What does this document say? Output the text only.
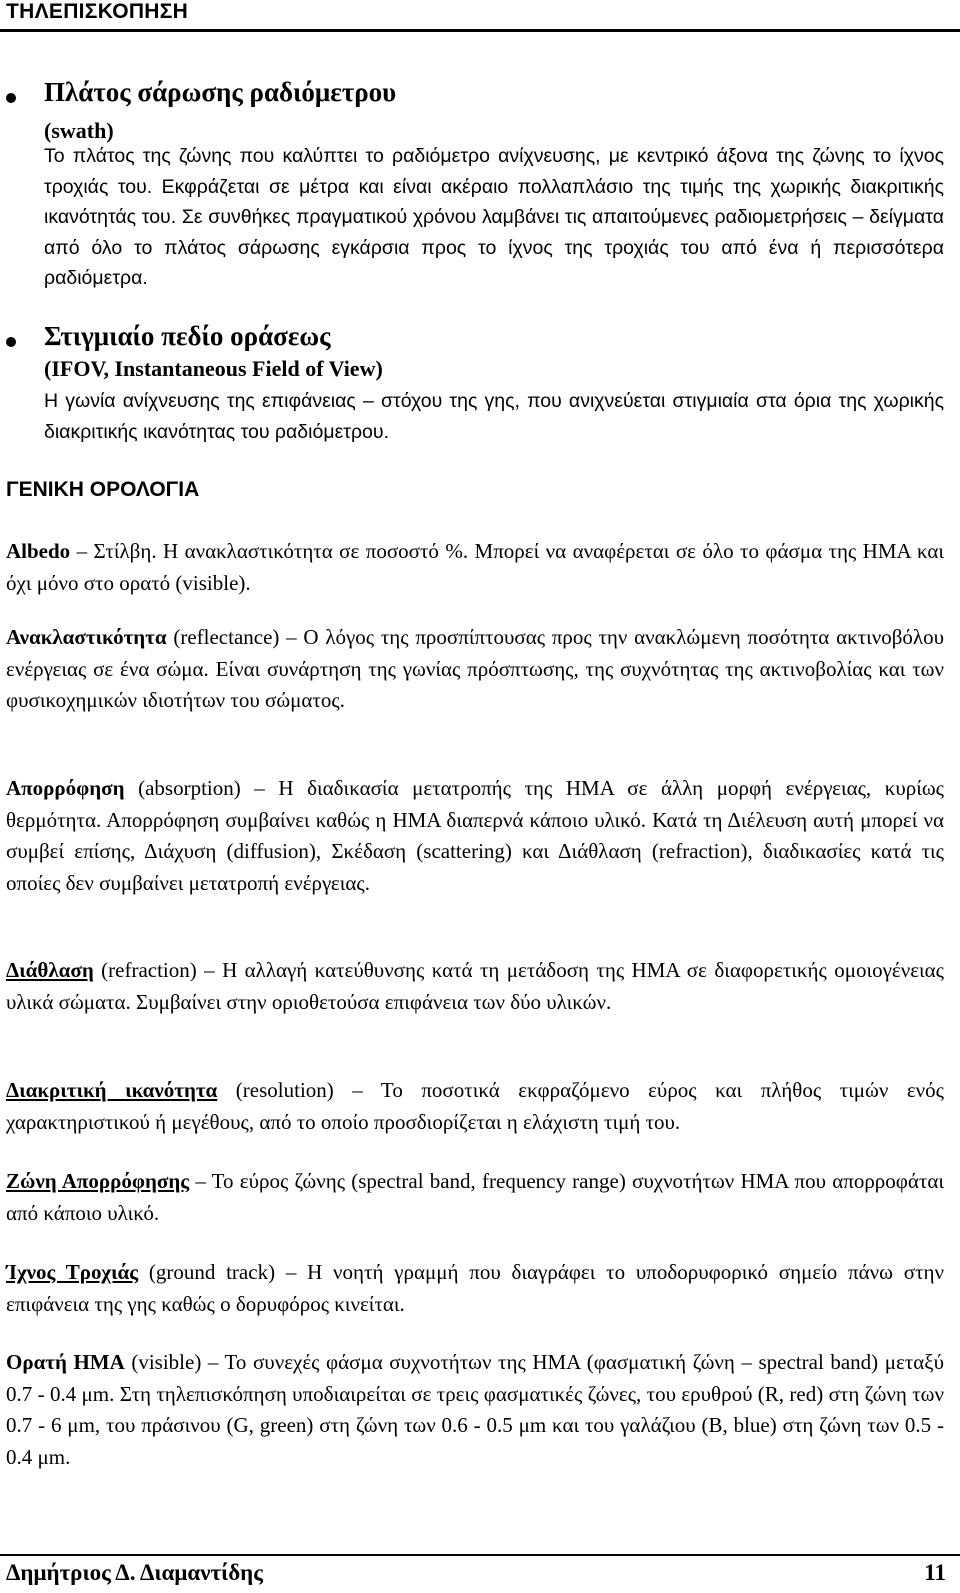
ΤΗΛΕΠΙΣΚΟΠΗΣΗ
Πλάτος σάρωσης ραδιόμετρου
(swath)
Το πλάτος της ζώνης που καλύπτει το ραδιόμετρο ανίχνευσης, με κεντρικό άξονα της ζώνης το ίχνος τροχιάς του. Εκφράζεται σε μέτρα και είναι ακέραιο πολλαπλάσιο της τιμής της χωρικής διακριτικής ικανότητάς του. Σε συνθήκες πραγματικού χρόνου λαμβάνει τις απαιτούμενες ραδιομετρήσεις – δείγματα από όλο το πλάτος σάρωσης εγκάρσια προς το ίχνος της τροχιάς του από ένα ή περισσότερα ραδιόμετρα.
Στιγμιαίο πεδίο οράσεως
(IFOV, Instantaneous Field of View)
Η γωνία ανίχνευσης της επιφάνειας – στόχου της γης, που ανιχνεύεται στιγμιαία στα όρια της χωρικής διακριτικής ικανότητας του ραδιόμετρου.
ΓΕΝΙΚΗ ΟΡΟΛΟΓΙΑ
Albedo – Στίλβη. Η ανακλαστικότητα σε ποσοστό %. Μπορεί να αναφέρεται σε όλο το φάσμα της ΗΜΑ και όχι μόνο στο ορατό (visible).
Ανακλαστικότητα (reflectance) – Ο λόγος της προσπίπτουσας προς την ανακλώμενη ποσότητα ακτινοβόλου ενέργειας σε ένα σώμα. Είναι συνάρτηση της γωνίας πρόσπτωσης, της συχνότητας της ακτινοβολίας και των φυσικοχημικών ιδιοτήτων του σώματος.
Απορρόφηση (absorption) – Η διαδικασία μετατροπής της ΗΜΑ σε άλλη μορφή ενέργειας, κυρίως θερμότητα. Απορρόφηση συμβαίνει καθώς η ΗΜΑ διαπερνά κάποιο υλικό. Κατά τη Διέλευση αυτή μπορεί να συμβεί επίσης, Διάχυση (diffusion), Σκέδαση (scattering) και Διάθλαση (refraction), διαδικασίες κατά τις οποίες δεν συμβαίνει μετατροπή ενέργειας.
Διάθλαση (refraction) – Η αλλαγή κατεύθυνσης κατά τη μετάδοση της ΗΜΑ σε διαφορετικής ομοιογένειας υλικά σώματα. Συμβαίνει στην οριοθετούσα επιφάνεια των δύο υλικών.
Διακριτική ικανότητα (resolution) – Το ποσοτικά εκφραζόμενο εύρος και πλήθος τιμών ενός χαρακτηριστικού ή μεγέθους, από το οποίο προσδιορίζεται η ελάχιστη τιμή του.
Ζώνη Απορρόφησης – Το εύρος ζώνης (spectral band, frequency range) συχνοτήτων ΗΜΑ που απορροφάται από κάποιο υλικό.
Ίχνος Τροχιάς (ground track) – Η νοητή γραμμή που διαγράφει το υποδορυφορικό σημείο πάνω στην επιφάνεια της γης καθώς ο δορυφόρος κινείται.
Ορατή ΗΜΑ (visible) – Το συνεχές φάσμα συχνοτήτων της ΗΜΑ (φασματική ζώνη – spectral band) μεταξύ 0.7 - 0.4 μm. Στη τηλεπισκόπηση υποδιαιρείται σε τρεις φασματικές ζώνες, του ερυθρού (R, red) στη ζώνη των 0.7 - 6 μm, του πράσινου (G, green) στη ζώνη των 0.6 - 0.5 μm και του γαλάζιου (B, blue) στη ζώνη των 0.5 - 0.4 μm.
Δημήτριος Δ. Διαμαντίδης	11
